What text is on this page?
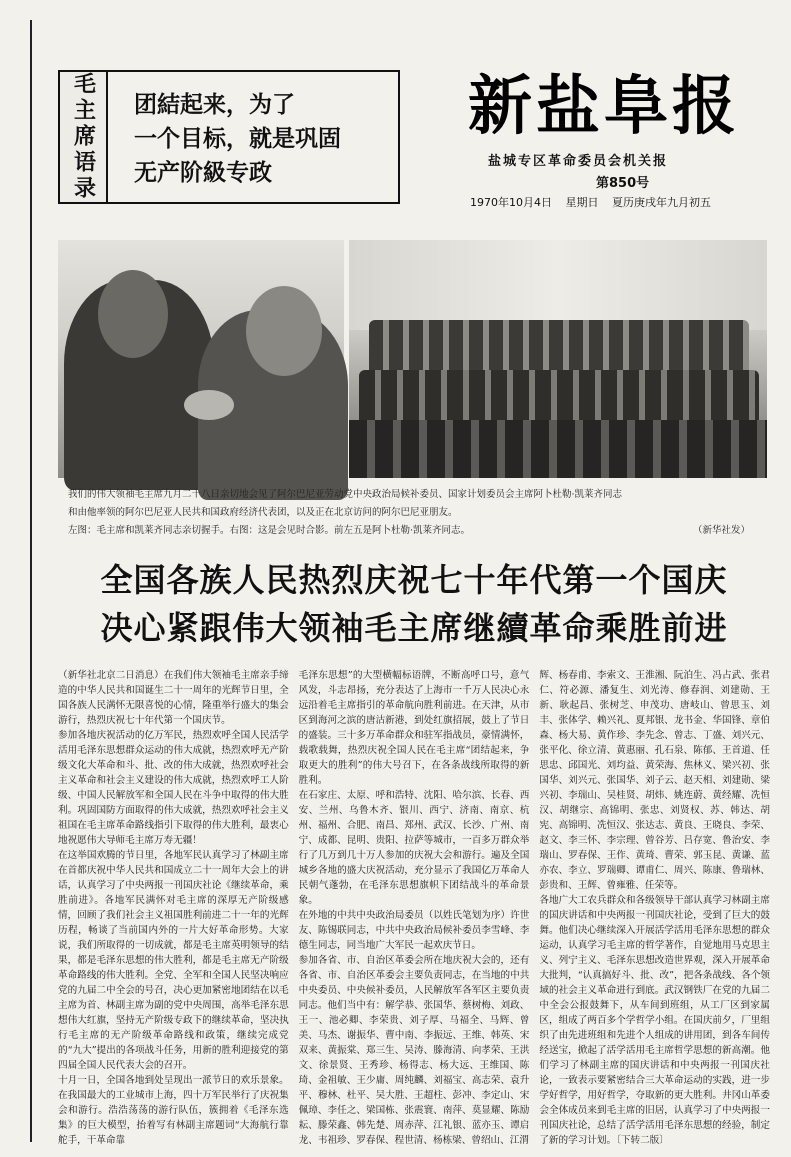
毛主席语录 团結起来，为了
一个目标，就是巩固
无产阶級专政
新盐阜报
盐城专区革命委员会机关报
第850号
1970年10月4日 星期日 夏历庚戌年九月初五
我们的伟大领袖毛主席九月二十八日亲切地会见了阿尔巴尼亚劳动党中央政治局候补委员、国家计划委员会主席阿卜杜勒·凯莱齐同志
和由他率领的阿尔巴尼亚人民共和国政府经济代表团，以及正在北京访问的阿尔巴尼亚朋友。
左图：毛主席和凯莱齐同志亲切握手。右图：这是会见时合影。前左五是阿卜杜勒·凯莱齐同志。	（新华社发）
全国各族人民热烈庆祝七十年代第一个国庆
决心紧跟伟大领袖毛主席继續革命乘胜前进
（新华社北京二日消息）在我们伟大领袖毛主席亲手缔造的中华人民共和国诞生二十一周年的光辉节日里，全国各族人民满怀无限喜悦的心情，隆重举行盛大的集会游行，热烈庆祝七十年代第一个国庆节。
参加各地庆祝活动的亿万军民，热烈欢呼全国人民活学活用毛泽东思想群众运动的伟大成就，热烈欢呼无产阶级文化大革命和斗、批、改的伟大成就，热烈欢呼社会主义革命和社会主义建设的伟大成就，热烈欢呼工人阶级、中国人民解放军和全国人民在斗争中取得的伟大胜利。巩固国防方面取得的伟大成就，热烈欢呼社会主义祖国在毛主席革命路线指引下取得的伟大胜利，最衷心地祝愿伟大导师毛主席万寿无疆！
在这举国欢腾的节日里，各地军民认真学习了林副主席在首都庆祝中华人民共和国成立二十一周年大会上的讲话，认真学习了中央两报一刊国庆社论《继续革命，乘胜前进》。各地军民满怀对毛主席的深厚无产阶级感情，回顾了我们社会主义祖国胜利前进二十一年的光辉历程，畅谈了当前国内外的一片大好革命形势。大家说，我们所取得的一切成就，都是毛主席英明领导的结果，都是毛泽东思想的伟大胜利，都是毛主席无产阶级革命路线的伟大胜利。全党、全军和全国人民坚决响应党的九届二中全会的号召，决心更加紧密地团结在以毛主席为首、林副主席为副的党中央周围，高举毛泽东思想伟大红旗，坚持无产阶级专政下的继续革命，坚决执行毛主席的无产阶级革命路线和政策，继续完成党的“九大”提出的各项战斗任务，用新的胜利迎接党的第四届全国人民代表大会的召开。
十月一日，全国各地到处呈现出一派节日的欢乐景象。在我国最大的工业城市上海，四十万军民举行了庆祝集会和游行。浩浩荡荡的游行队伍，簇拥着《毛泽东选集》的巨大模型，抬着写有林副主席题词“大海航行靠舵手，干革命靠
毛泽东思想”的大型横幅标语牌，不断高呼口号，意气风发，斗志昂扬，充分表达了上海市一千万人民决心永远沿着毛主席指引的革命航向胜利前进。在天津，从市区到海河之滨的唐沽新港，到处红旗招展，鼓上了节日的盛装。三十多万革命群众和驻军指战员，豪情满怀，载歌载舞，热烈庆祝全国人民在毛主席“团结起来，争取更大的胜利”的伟大号召下，在各条战线所取得的新胜利。
在石家庄、太原、呼和浩特、沈阳、哈尔滨、长春、西安、兰州、乌鲁木齐、银川、西宁、济南、南京、杭州、福州、合肥、南昌、郑州、武汉、长沙、广州、南宁、成都、昆明、贵阳、拉萨等城市，一百多万群众举行了几万到几十万人参加的庆祝大会和游行。遍及全国城乡各地的盛大庆祝活动，充分显示了我国亿万革命人民朝气蓬勃，在毛泽东思想旗帜下团结战斗的革命景象。
在外地的中共中央政治局委员（以姓氏笔划为序）许世友、陈锡联同志，中共中央政治局候补委员李雪峰、李德生同志，同当地广大军民一起欢庆节日。
参加各省、市、自治区革委会所在地庆祝大会的，还有各省、市、自治区革委会主要负责同志，在当地的中共中央委员、中央候补委员，人民解放军各军区主要负责同志。他们当中有：解学恭、张国华、蔡树梅、刘政、王一、池必卿、李荣贵、刘子厚、马福全、马辉、曾美、马杰、谢振华、曹中南、李振远、王维、韩英、宋双来、黄振棠、郑三生、吴涛、滕海清、向孝荣、王洪文、徐景贤、王秀珍、杨得志、杨大远、王维国、陈琦、金祖敏、王少庸、周纯麟、刘福宝、高志荣、袁升平、穆林、杜平、吴大胜、王超柱、彭冲、李定山、宋佩璋、李任之、梁国栋、张震寰、南萍、莫显耀、陈励耘、滕荣鑫、韩先楚、周赤萍、江礼银、蓝亦玉、谭启龙、韦祖珍、罗春保、程世清、杨栋梁、曾绍山、江渭
辉、杨春甫、李索文、王淮湘、阮泊生、冯占武、张君仁、符必源、潘复生、刘光涛、修春润、刘建勋、王新、耿起昌、张树芝、申茂功、唐岐山、曾思玉、刘丰、张体学、赖兴礼、夏邦银、龙书金、华国锋、章伯森、杨大易、黄作珍、李先念、曾志、丁盛、刘兴元、张平化、徐立清、黄惠丽、孔石泉、陈郁、王首道、任思忠、邱国光、刘均益、黄荣海、焦林义、梁兴初、张国华、刘兴元、张国华、刘子云、赵天相、刘建勋、梁兴初、李瑞山、吴桂贤、胡炜、姚连蔚、黄经耀、冼恒汉、胡继宗、高锦明、张忠、刘贤权、苏、韩达、胡宪、高锦明、冼恒汉、张达志、黄良、王晓良、李荣、赵文、李三怀、李宗理、曾谷芳、吕存宽、鲁治安、李瑞山、罗春保、王作、黄琦、曹荣、郭玉昆、黄谦、蓝亦农、李立、罗瑞卿、谭甫仁、周兴、陈康、鲁瑞林、彭贵和、王辉、曾雍雅、任荣等。
各地广大工农兵群众和各级领导干部认真学习林副主席的国庆讲话和中央两报一刊国庆社论，受到了巨大的鼓舞。他们决心继续深入开展活学活用毛泽东思想的群众运动，认真学习毛主席的哲学著作，自觉地用马克思主义、列宁主义、毛泽东思想改造世界观，深入开展革命大批判，“认真搞好斗、批、改”，把各条战线、各个领域的社会主义革命进行到底。武汉钢铁厂在党的九届二中全会公报鼓舞下，从车间到班组，从工厂区到家属区，组成了两百多个学哲学小组。在国庆前夕，厂里组织了由先进班组和先进个人组成的讲用团，到各车间传经送宝，掀起了活学活用毛主席哲学思想的新高潮。他们学习了林副主席的国庆讲话和中央两报一刊国庆社论，一致表示要紧密结合三大革命运动的实践，进一步学好哲学，用好哲学，夺取新的更大胜利。井冈山革委会全体成员来到毛主席的旧居，认真学习了中央两报一刊国庆社论，总结了活学活用毛泽东思想的经验，制定了新的学习计划。〔下转二版〕
